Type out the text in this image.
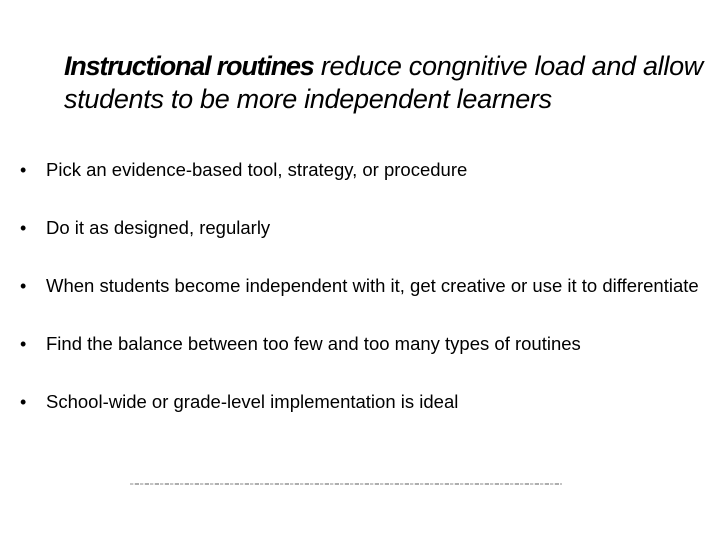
Instructional routines reduce congnitive load and allow students to be more independent learners
• Pick an evidence-based tool, strategy, or procedure
• Do it as designed, regularly
• When students become independent with it, get creative or use it to differentiate
• Find the balance between too few and too many types of routines
• School-wide or grade-level implementation is ideal
